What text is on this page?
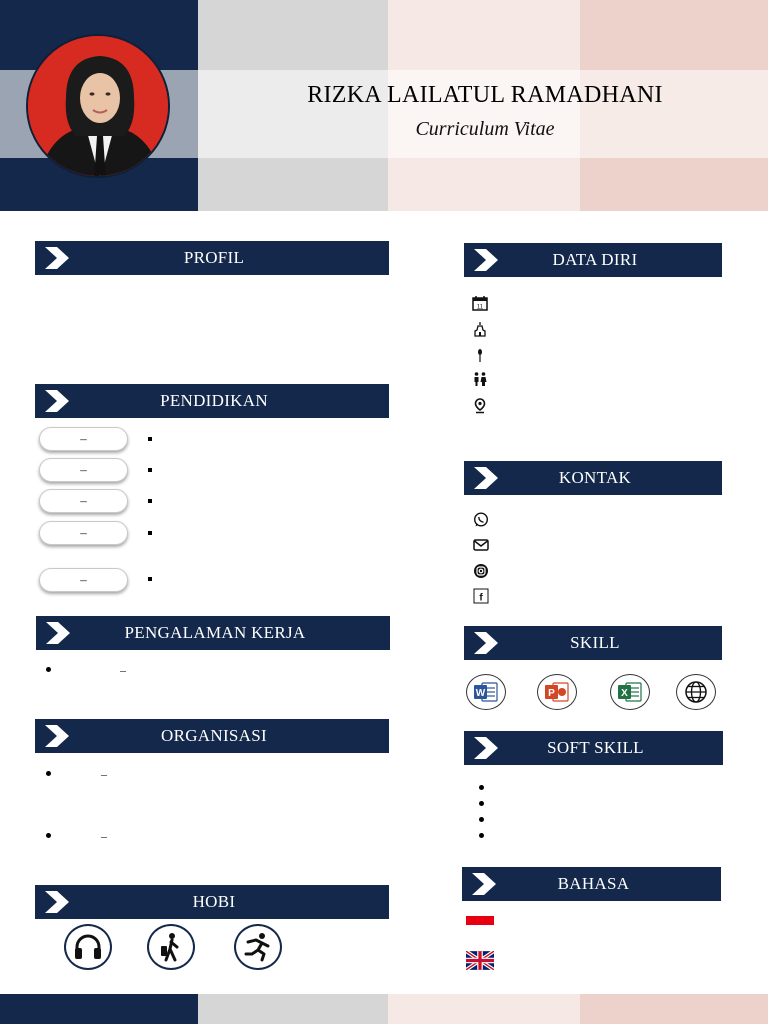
RIZKA LAILATUL RAMADHANI
Curriculum Vitae
PROFIL
PENDIDIKAN
–
–
–
–
–
PENGALAMAN KERJA
–
ORGANISASI
–
–
HOBI
DATA DIRI
11
KONTAK
f
SKILL
W	P	X
SOFT SKILL
BAHASA
